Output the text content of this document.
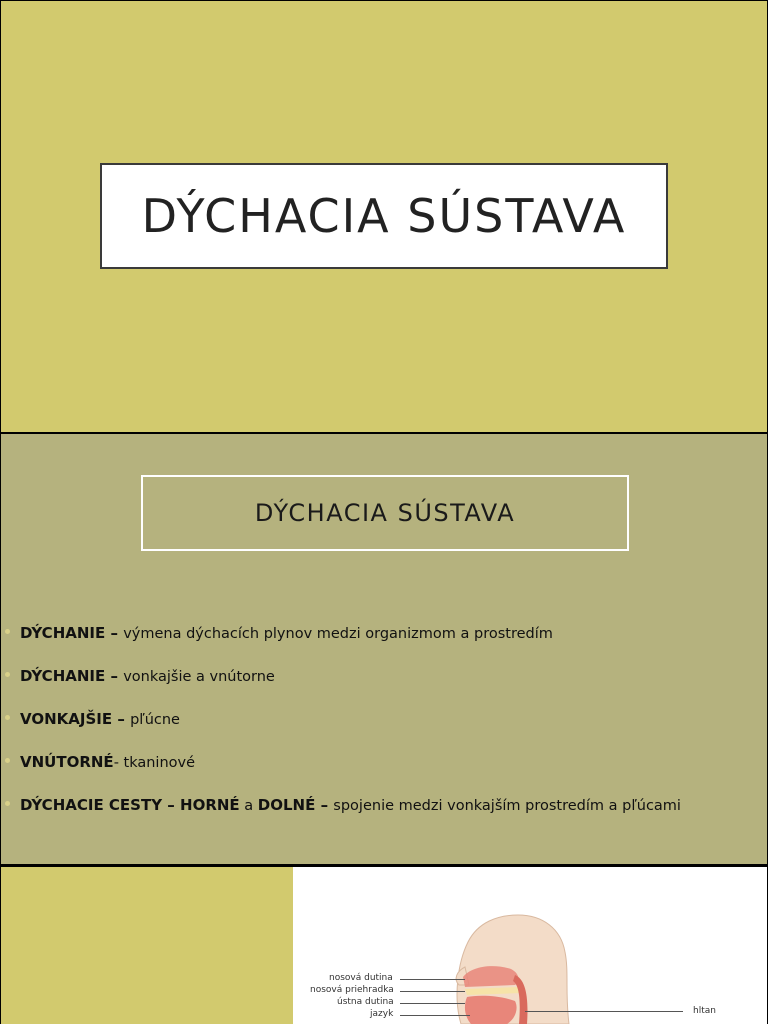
DÝCHACIA SÚSTAVA
DÝCHACIA SÚSTAVA
DÝCHANIE – výmena dýchacích plynov medzi organizmom a prostredím
DÝCHANIE – vonkajšie a vnútorne
VONKAJŠIE – pľúcne
VNÚTORNÉ- tkaninové
DÝCHACIE CESTY – HORNÉ a DOLNÉ – spojenie medzi vonkajším prostredím a pľúcami
nosová dutina
nosová priehradka
ústna dutina
jazyk	hltan
